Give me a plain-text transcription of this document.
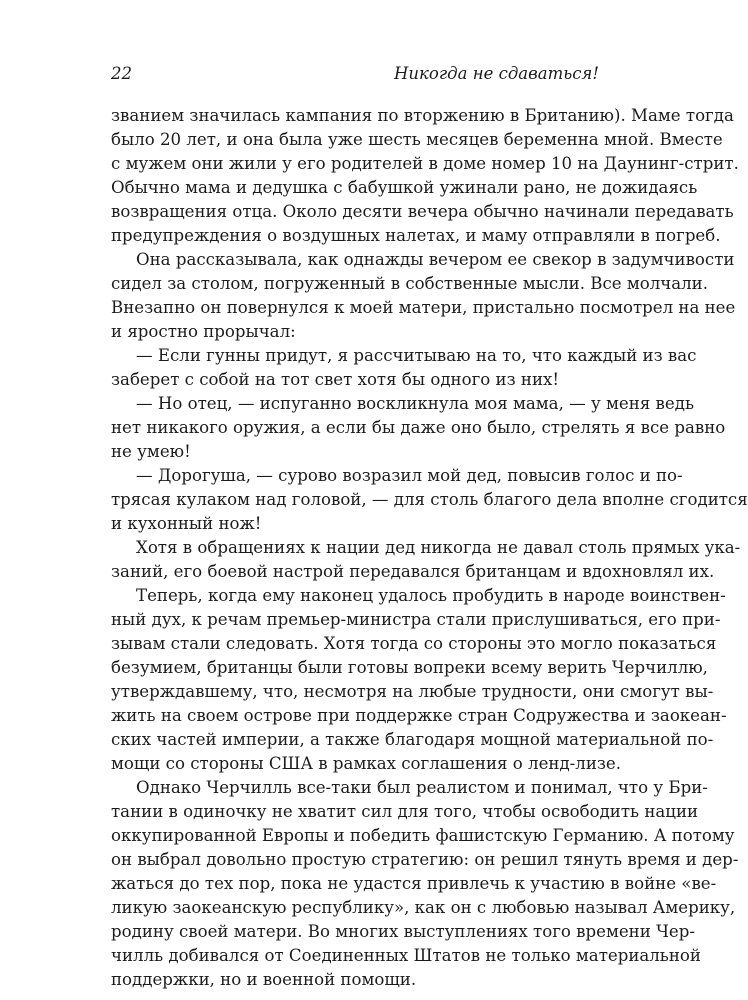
22	Никогда не сдаваться!
званием значилась кампания по вторжению в Британию). Маме тогда
было 20 лет, и она была уже шесть месяцев беременна мной. Вместе
с мужем они жили у его родителей в доме номер 10 на Даунинг-стрит.
Обычно мама и дедушка с бабушкой ужинали рано, не дожидаясь
возвращения отца. Около десяти вечера обычно начинали передавать
предупреждения о воздушных налетах, и маму отправляли в погреб.
Она рассказывала, как однажды вечером ее свекор в задумчивости
сидел за столом, погруженный в собственные мысли. Все молчали.
Внезапно он повернулся к моей матери, пристально посмотрел на нее
и яростно прорычал:
— Если гунны придут, я рассчитываю на то, что каждый из вас
заберет с собой на тот свет хотя бы одного из них!
— Но отец, — испуганно воскликнула моя мама, — у меня ведь
нет никакого оружия, а если бы даже оно было, стрелять я все равно
не умею!
— Дорогуша, — сурово возразил мой дед, повысив голос и по-
трясая кулаком над головой, — для столь благого дела вполне сгодится
и кухонный нож!
Хотя в обращениях к нации дед никогда не давал столь прямых ука-
заний, его боевой настрой передавался британцам и вдохновлял их.
Теперь, когда ему наконец удалось пробудить в народе воинствен-
ный дух, к речам премьер-министра стали прислушиваться, его при-
зывам стали следовать. Хотя тогда со стороны это могло показаться
безумием, британцы были готовы вопреки всему верить Черчиллю,
утверждавшему, что, несмотря на любые трудности, они смогут вы-
жить на своем острове при поддержке стран Содружества и заокеан-
ских частей империи, а также благодаря мощной материальной по-
мощи со стороны США в рамках соглашения о ленд-лизе.
Однако Черчилль все-таки был реалистом и понимал, что у Бри-
тании в одиночку не хватит сил для того, чтобы освободить нации
оккупированной Европы и победить фашистскую Германию. А потому
он выбрал довольно простую стратегию: он решил тянуть время и дер-
жаться до тех пор, пока не удастся привлечь к участию в войне «ве-
ликую заокеанскую республику», как он с любовью называл Америку,
родину своей матери. Во многих выступлениях того времени Чер-
чилль добивался от Соединенных Штатов не только материальной
поддержки, но и военной помощи.
